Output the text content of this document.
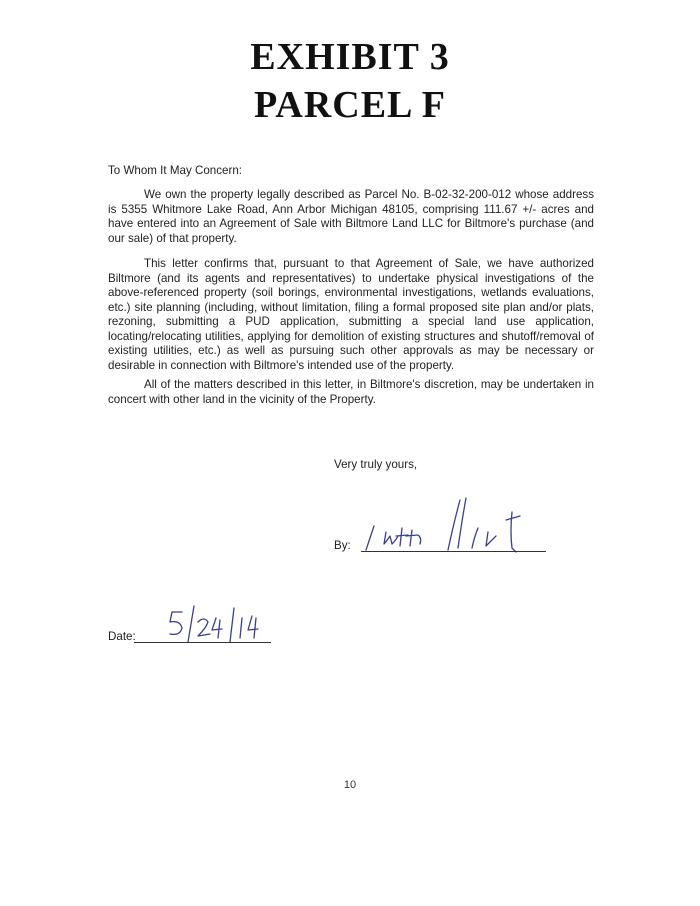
EXHIBIT 3
PARCEL F
To Whom It May Concern:
We own the property legally described as Parcel No. B-02-32-200-012 whose address is 5355 Whitmore Lake Road, Ann Arbor Michigan 48105, comprising 111.67 +/- acres and have entered into an Agreement of Sale with Biltmore Land LLC for Biltmore's purchase (and our sale) of that property.
This letter confirms that, pursuant to that Agreement of Sale, we have authorized Biltmore (and its agents and representatives) to undertake physical investigations of the above-referenced property (soil borings, environmental investigations, wetlands evaluations, etc.) site planning (including, without limitation, filing a formal proposed site plan and/or plats, rezoning, submitting a PUD application, submitting a special land use application, locating/relocating utilities, applying for demolition of existing structures and shutoff/removal of existing utilities, etc.) as well as pursuing such other approvals as may be necessary or desirable in connection with Biltmore's intended use of the property.
All of the matters described in this letter, in Biltmore's discretion, may be undertaken in concert with other land in the vicinity of the Property.
Very truly yours,
By:
Date:
10
